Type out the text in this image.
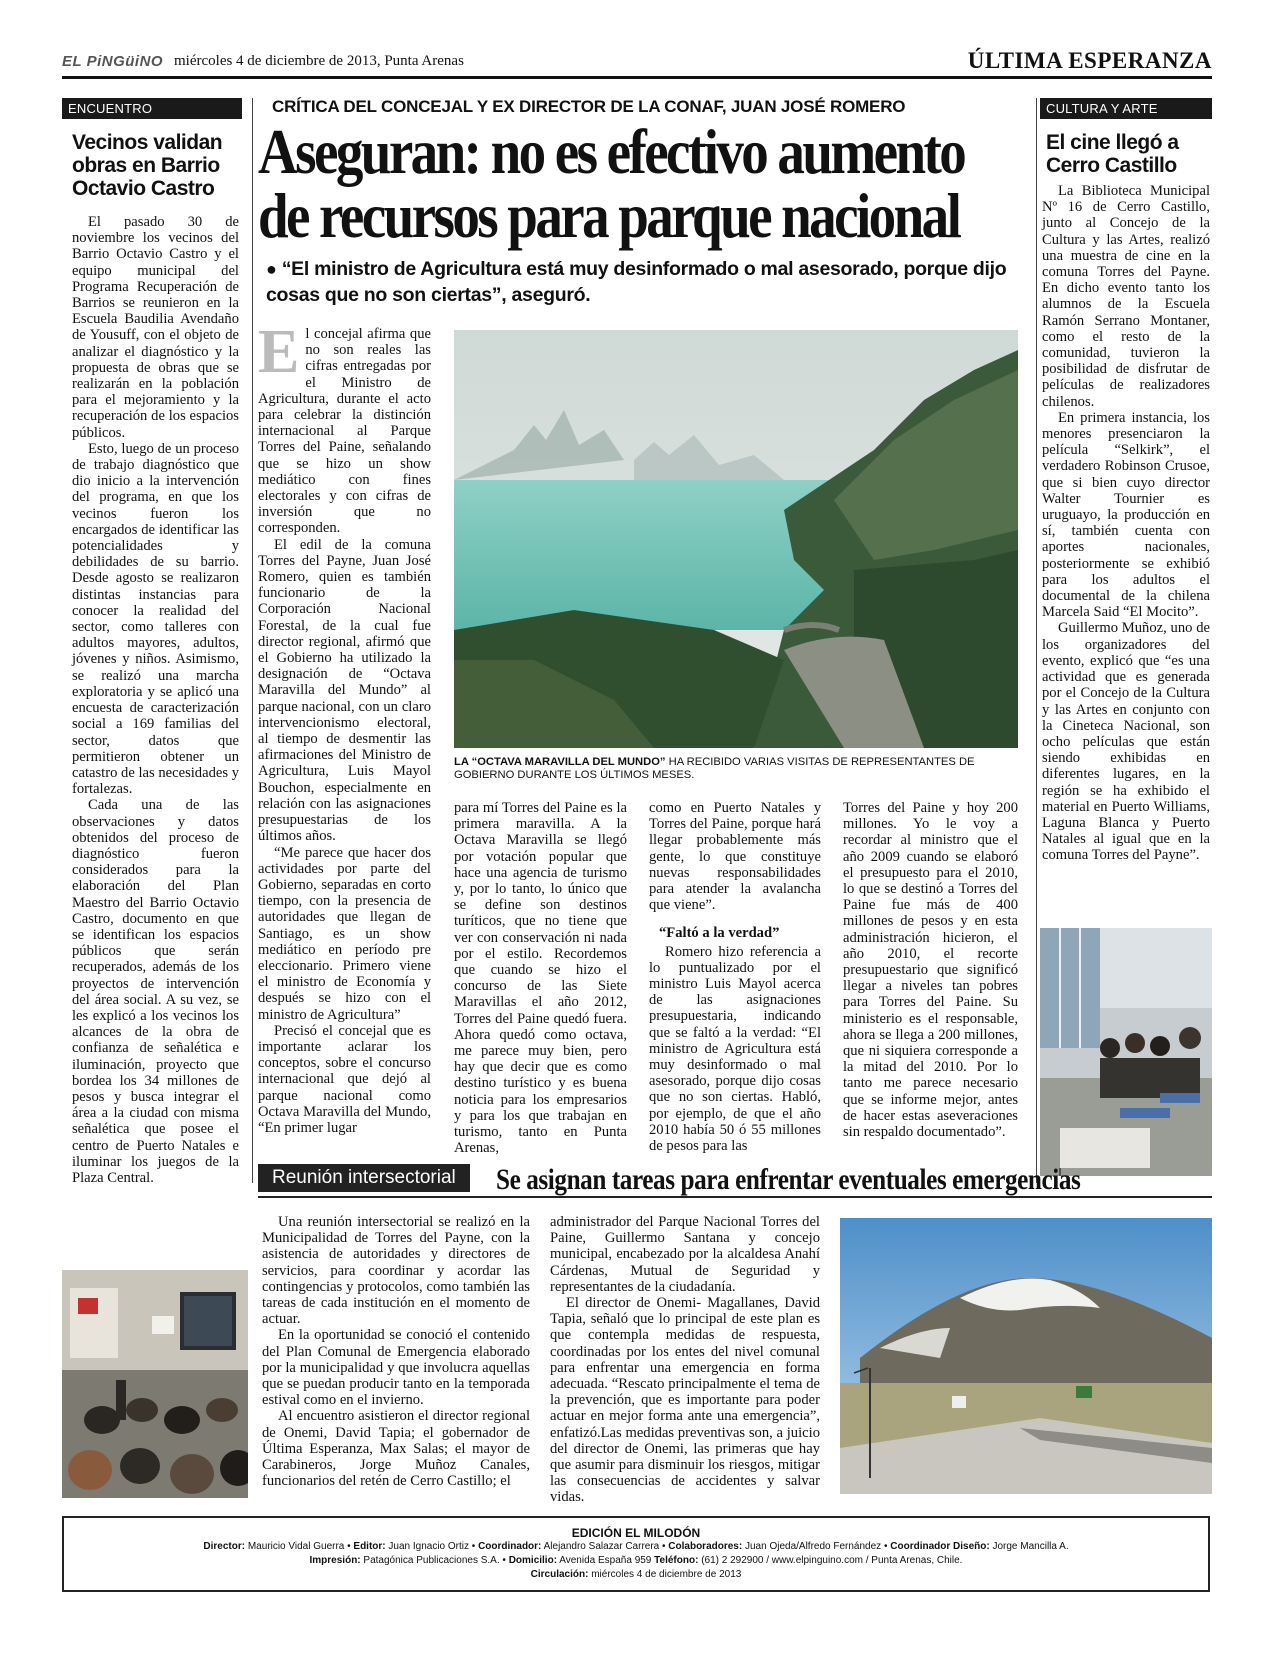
EL PiNGüiNO miércoles 4 de diciembre de 2013, Punta Arenas	ÚLTIMA ESPERANZA
ENCUENTRO
Vecinos validan obras en Barrio Octavio Castro

El pasado 30 de noviembre los vecinos del Barrio Octavio Castro y el equipo municipal del Programa Recuperación de Barrios se reunieron en la Escuela Baudilia Avendaño de Yousuff, con el objeto de analizar el diagnóstico y la propuesta de obras que se realizarán en la población para el mejoramiento y la recuperación de los espacios públicos.

Esto, luego de un proceso de trabajo diagnóstico que dio inicio a la intervención del programa, en que los vecinos fueron los encargados de identificar las potencialidades y debilidades de su barrio. Desde agosto se realizaron distintas instancias para conocer la realidad del sector, como talleres con adultos mayores, adultos, jóvenes y niños. Asimismo, se realizó una marcha exploratoria y se aplicó una encuesta de caracterización social a 169 familias del sector, datos que permitieron obtener un catastro de las necesidades y fortalezas.

Cada una de las observaciones y datos obtenidos del proceso de diagnóstico fueron considerados para la elaboración del Plan Maestro del Barrio Octavio Castro, documento en que se identifican los espacios públicos que serán recuperados, además de los proyectos de intervención del área social. A su vez, se les explicó a los vecinos los alcances de la obra de confianza de señalética e iluminación, proyecto que bordea los 34 millones de pesos y busca integrar el área a la ciudad con misma señalética que posee el centro de Puerto Natales e iluminar los juegos de la Plaza Central.

CRÍTICA DEL CONCEJAL Y EX DIRECTOR DE LA CONAF, JUAN JOSÉ ROMERO
Aseguran: no es efectivo aumento
de recursos para parque nacional
● “El ministro de Agricultura está muy desinformado o mal asesorado, porque dijo cosas que no son ciertas”, aseguró.
E l concejal afirma que no son reales las cifras entregadas por el Ministro de Agricultura, durante el acto para celebrar la distinción internacional al Parque Torres del Paine, señalando que se hizo un show mediático con fines electorales y con cifras de inversión que no corresponden.

El edil de la comuna Torres del Payne, Juan José Romero, quien es también funcionario de la Corporación Nacional Forestal, de la cual fue director regional, afirmó que el Gobierno ha utilizado la designación de “Octava Maravilla del Mundo” al parque nacional, con un claro intervencionismo electoral, al tiempo de desmentir las afirmaciones del Ministro de Agricultura, Luis Mayol Bouchon, especialmente en relación con las asignaciones presupuestarias de los últimos años.

“Me parece que hacer dos actividades por parte del Gobierno, separadas en corto tiempo, con la presencia de autoridades que llegan de Santiago, es un show mediático en período pre eleccionario. Primero viene el ministro de Economía y después se hizo con el ministro de Agricultura”

Precisó el concejal que es importante aclarar los conceptos, sobre el concurso internacional que dejó al parque nacional como Octava Maravilla del Mundo, “En primer lugar

LA “OCTAVA MARAVILLA DEL MUNDO” HA RECIBIDO VARIAS VISITAS DE REPRESENTANTES DE GOBIERNO DURANTE LOS ÚLTIMOS MESES.

para mí Torres del Paine es la primera maravilla. A la Octava Maravilla se llegó por votación popular que hace una agencia de turismo y, por lo tanto, lo único que se define son destinos turíticos, que no tiene que ver con conservación ni nada por el estilo. Recordemos que cuando se hizo el concurso de las Siete Maravillas el año 2012, Torres del Paine quedó fuera. Ahora quedó como octava, me parece muy bien, pero hay que decir que es como destino turístico y es buena noticia para los empresarios y para los que trabajan en turismo, tanto en Punta Arenas,

como en Puerto Natales y Torres del Paine, porque hará llegar probablemente más gente, lo que constituye nuevas responsabilidades para atender la avalancha que viene”.

“Faltó a la verdad”

Romero hizo referencia a lo puntualizado por el ministro Luis Mayol acerca de las asignaciones presupuestaria, indicando que se faltó a la verdad: “El ministro de Agricultura está muy desinformado o mal asesorado, porque dijo cosas que no son ciertas. Habló, por ejemplo, de que el año 2010 había 50 ó 55 millones de pesos para las

Torres del Paine y hoy 200 millones. Yo le voy a recordar al ministro que el año 2009 cuando se elaboró el presupuesto para el 2010, lo que se destinó a Torres del Paine fue más de 400 millones de pesos y en esta administración hicieron, el año 2010, el recorte presupuestario que significó llegar a niveles tan pobres para Torres del Paine. Su ministerio es el responsable, ahora se llega a 200 millones, que ni siquiera corresponde a la mitad del 2010. Por lo tanto me parece necesario que se informe mejor, antes de hacer estas aseveraciones sin respaldo documentado”.

CULTURA Y ARTE
El cine llegó a Cerro Castillo

La Biblioteca Municipal Nº 16 de Cerro Castillo, junto al Concejo de la Cultura y las Artes, realizó una muestra de cine en la comuna Torres del Payne. En dicho evento tanto los alumnos de la Escuela Ramón Serrano Montaner, como el resto de la comunidad, tuvieron la posibilidad de disfrutar de películas de realizadores chilenos.

En primera instancia, los menores presenciaron la película “Selkirk”, el verdadero Robinson Crusoe, que si bien cuyo director Walter Tournier es uruguayo, la producción en sí, también cuenta con aportes nacionales, posteriormente se exhibió para los adultos el documental de la chilena Marcela Said “El Mocito”.

Guillermo Muñoz, uno de los organizadores del evento, explicó que “es una actividad que es generada por el Concejo de la Cultura y las Artes en conjunto con la Cineteca Nacional, son ocho películas que están siendo exhibidas en diferentes lugares, en la región se ha exhibido el material en Puerto Williams, Laguna Blanca y Puerto Natales al igual que en la comuna Torres del Payne”.

Reunión intersectorial	Se asignan tareas para enfrentar eventuales emergencias

Una reunión intersectorial se realizó en la Municipalidad de Torres del Payne, con la asistencia de autoridades y directores de servicios, para coordinar y acordar las contingencias y protocolos, como también las tareas de cada institución en el momento de actuar.

En la oportunidad se conoció el contenido del Plan Comunal de Emergencia elaborado por la municipalidad y que involucra aquellas que se puedan producir tanto en la temporada estival como en el invierno.

Al encuentro asistieron el director regional de Onemi, David Tapia; el gobernador de Última Esperanza, Max Salas; el mayor de Carabineros, Jorge Muñoz Canales, funcionarios del retén de Cerro Castillo; el

administrador del Parque Nacional Torres del Paine, Guillermo Santana y concejo municipal, encabezado por la alcaldesa Anahí Cárdenas, Mutual de Seguridad y representantes de la ciudadanía.

El director de Onemi- Magallanes, David Tapia, señaló que lo principal de este plan es que contempla medidas de respuesta, coordinadas por los entes del nivel comunal para enfrentar una emergencia en forma adecuada. “Rescato principalmente el tema de la prevención, que es importante para poder actuar en mejor forma ante una emergencia”, enfatizó.Las medidas preventivas son, a juicio del director de Onemi, las primeras que hay que asumir para disminuir los riesgos, mitigar las consecuencias de accidentes y salvar vidas.

EDICIÓN EL MILODÓN
Director: Mauricio Vidal Guerra • Editor: Juan Ignacio Ortiz • Coordinador: Alejandro Salazar Carrera • Colaboradores: Juan Ojeda/Alfredo Fernández • Coordinador Diseño: Jorge Mancilla A.
Impresión: Patagónica Publicaciones S.A. • Domicilio: Avenida España 959 Teléfono: (61) 2 292900 / www.elpinguino.com / Punta Arenas, Chile.
Circulación: miércoles 4 de diciembre de 2013
